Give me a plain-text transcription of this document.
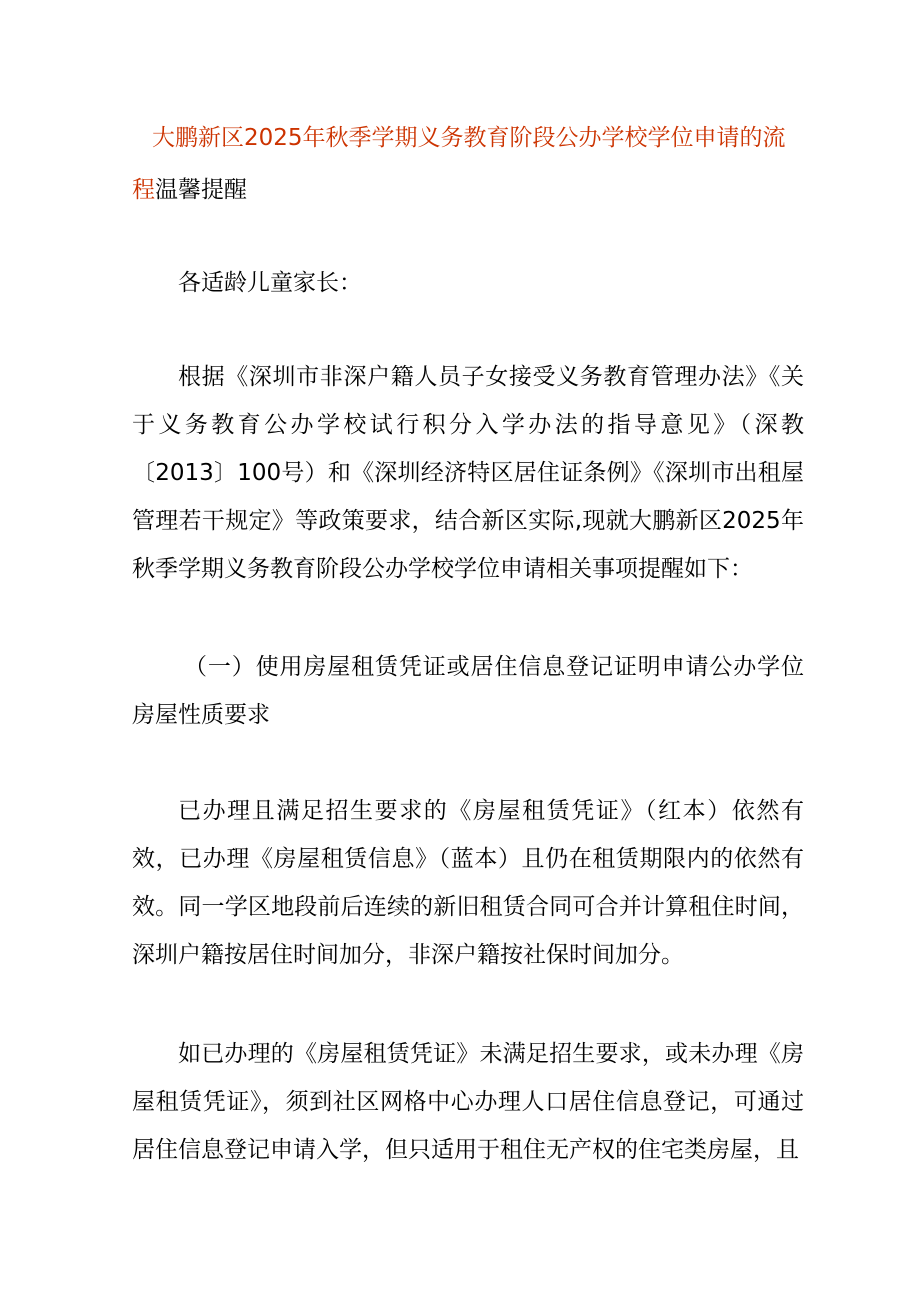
大鹏新区2025年秋季学期义务教育阶段公办学校学位申请的流程温馨提醒

各适龄儿童家长：

根据《深圳市非深户籍人员子女接受义务教育管理办法》《关于义务教育公办学校试行积分入学办法的指导意见》（深教〔2013〕100号）和《深圳经济特区居住证条例》《深圳市出租屋管理若干规定》等政策要求，结合新区实际,现就大鹏新区2025年秋季学期义务教育阶段公办学校学位申请相关事项提醒如下：

（一）使用房屋租赁凭证或居住信息登记证明申请公办学位房屋性质要求

已办理且满足招生要求的《房屋租赁凭证》（红本）依然有效，已办理《房屋租赁信息》（蓝本）且仍在租赁期限内的依然有效。同一学区地段前后连续的新旧租赁合同可合并计算租住时间，深圳户籍按居住时间加分，非深户籍按社保时间加分。

如已办理的《房屋租赁凭证》未满足招生要求，或未办理《房屋租赁凭证》，须到社区网格中心办理人口居住信息登记，可通过居住信息登记申请入学，但只适用于租住无产权的住宅类房屋，且
